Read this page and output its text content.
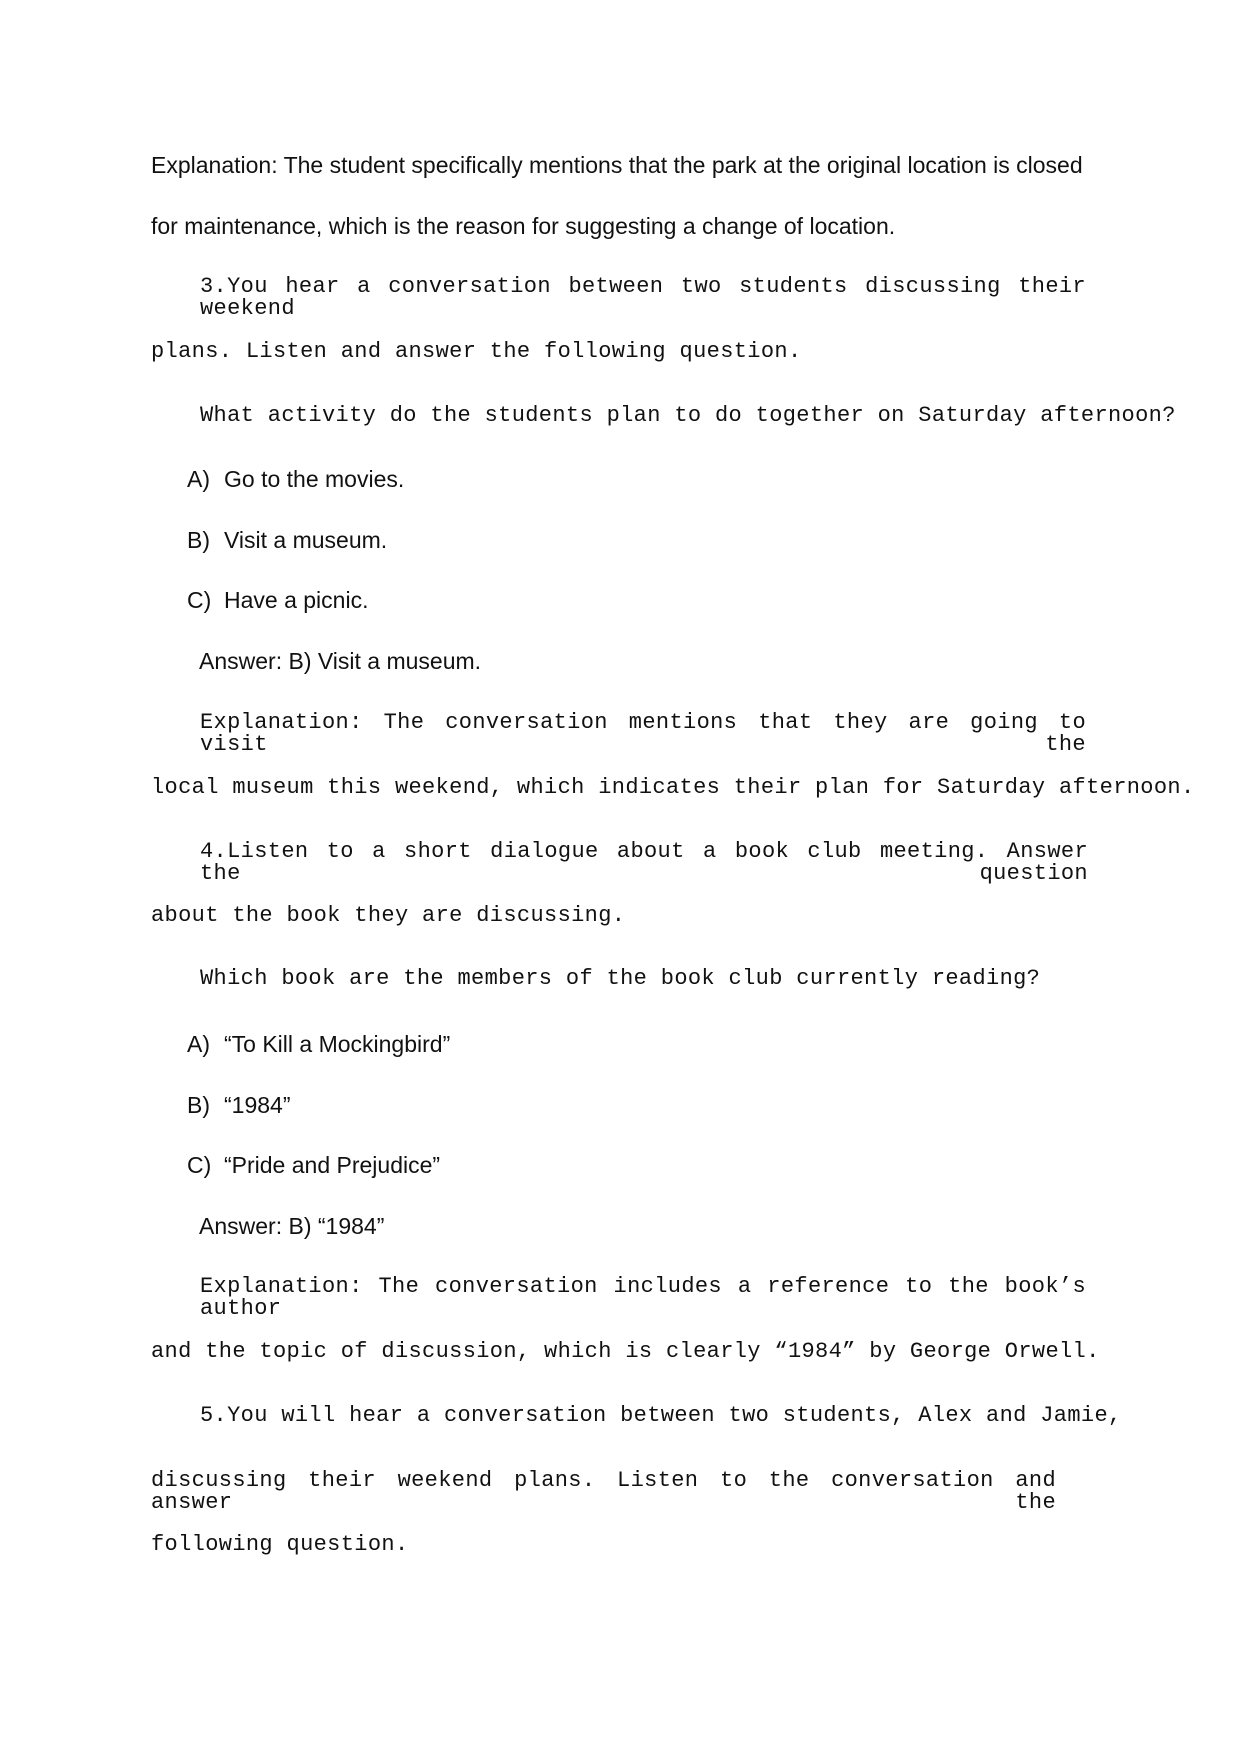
Explanation: The student specifically mentions that the park at the original location is closed
for maintenance, which is the reason for suggesting a change of location.
3.You hear a conversation between two students discussing their weekend
plans. Listen and answer the following question.
What activity do the students plan to do together on Saturday afternoon?
A) Go to the movies.
B) Visit a museum.
C) Have a picnic.
Answer: B) Visit a museum.
Explanation: The conversation mentions that they are going to visit the
local museum this weekend, which indicates their plan for Saturday afternoon.
4.Listen to a short dialogue about a book club meeting. Answer the question
about the book they are discussing.
Which book are the members of the book club currently reading?
A) “To Kill a Mockingbird”
B) “1984”
C) “Pride and Prejudice”
Answer: B) “1984”
Explanation: The conversation includes a reference to the book’s author
and the topic of discussion, which is clearly “1984” by George Orwell.
5.You will hear a conversation between two students, Alex and Jamie,
discussing their weekend plans. Listen to the conversation and answer the
following question.
